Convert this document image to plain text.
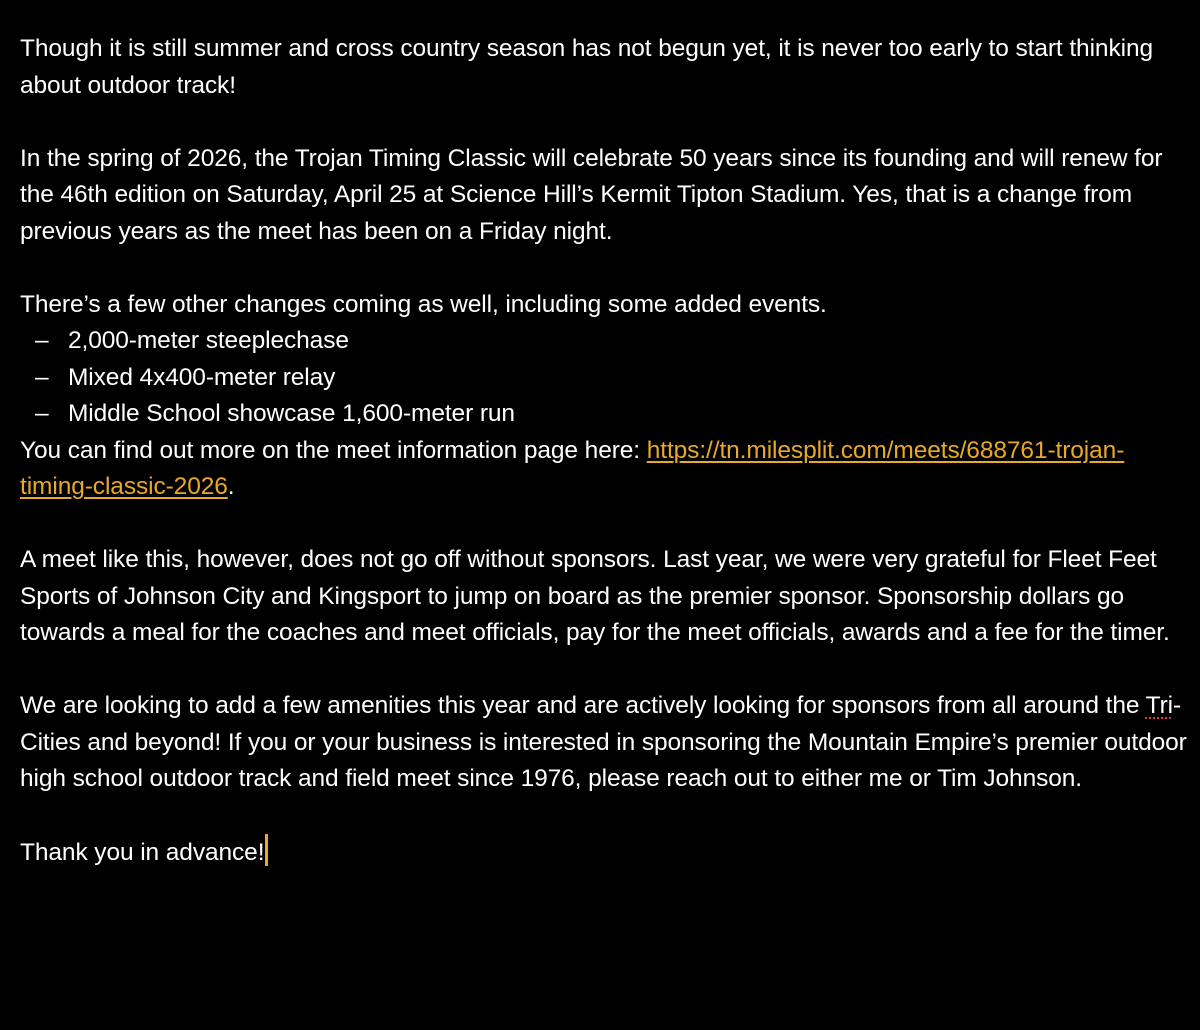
Though it is still summer and cross country season has not begun yet, it is never too early to start thinking about outdoor track!

In the spring of 2026, the Trojan Timing Classic will celebrate 50 years since its founding and will renew for the 46th edition on Saturday, April 25 at Science Hill’s Kermit Tipton Stadium. Yes, that is a change from previous years as the meet has been on a Friday night.

There’s a few other changes coming as well, including some added events.

– 2,000-meter steeplechase
– Mixed 4x400-meter relay
– Middle School showcase 1,600-meter run

You can find out more on the meet information page here: https://tn.milesplit.com/meets/688761-trojan-timing-classic-2026.

A meet like this, however, does not go off without sponsors. Last year, we were very grateful for Fleet Feet Sports of Johnson City and Kingsport to jump on board as the premier sponsor. Sponsorship dollars go towards a meal for the coaches and meet officials, pay for the meet officials, awards and a fee for the timer.

We are looking to add a few amenities this year and are actively looking for sponsors from all around the Tri-Cities and beyond! If you or your business is interested in sponsoring the Mountain Empire’s premier outdoor high school outdoor track and field meet since 1976, please reach out to either me or Tim Johnson.

Thank you in advance!
